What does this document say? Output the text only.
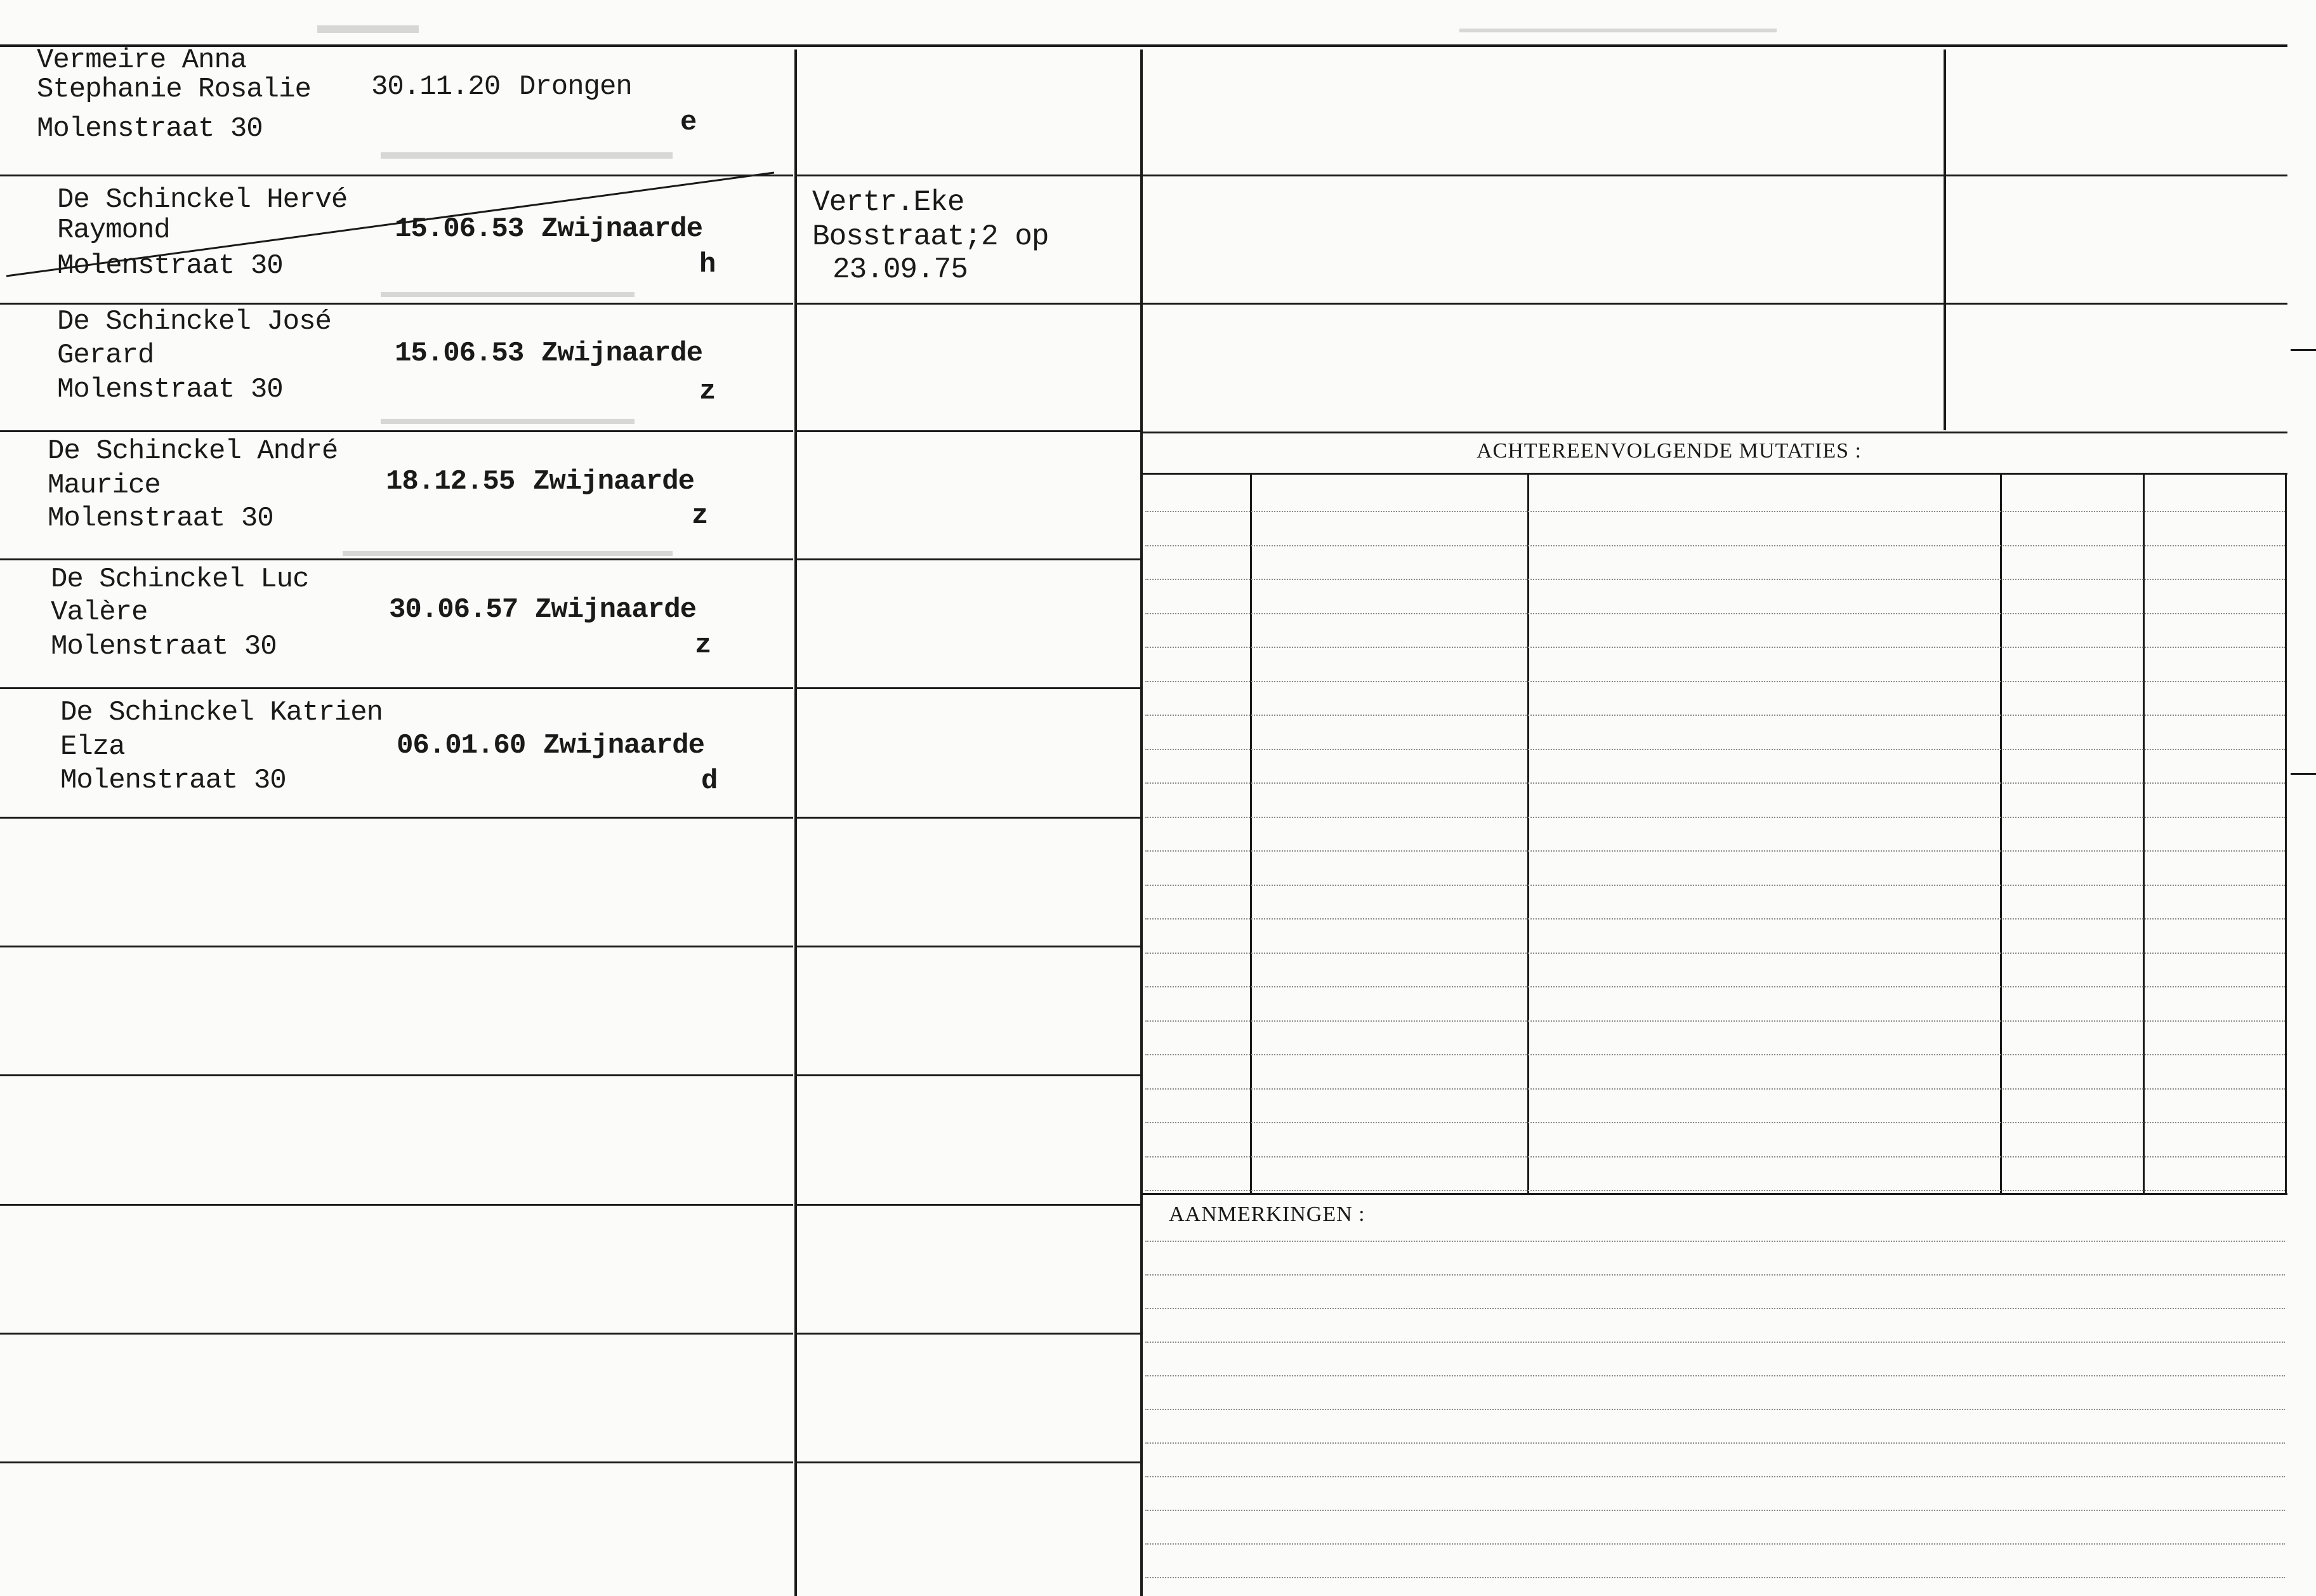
ACHTEREENVOLGENDE MUTATIES :
AANMERKINGEN :
Vermeire Anna
Stephanie Rosalie
Molenstraat 30
30.11.20 Drongen
e
De Schinckel Hervé
Raymond
Molenstraat 30
15.06.53 Zwijnaarde
h
De Schinckel José
Gerard
Molenstraat 30
15.06.53 Zwijnaarde
z
De Schinckel André
Maurice
Molenstraat 30
18.12.55 Zwijnaarde
z
De Schinckel Luc
Valère
Molenstraat 30
30.06.57 Zwijnaarde
z
De Schinckel Katrien
Elza
Molenstraat 30
06.01.60 Zwijnaarde
d
Vertr.Eke
Bosstraat;2 op
23.09.75
